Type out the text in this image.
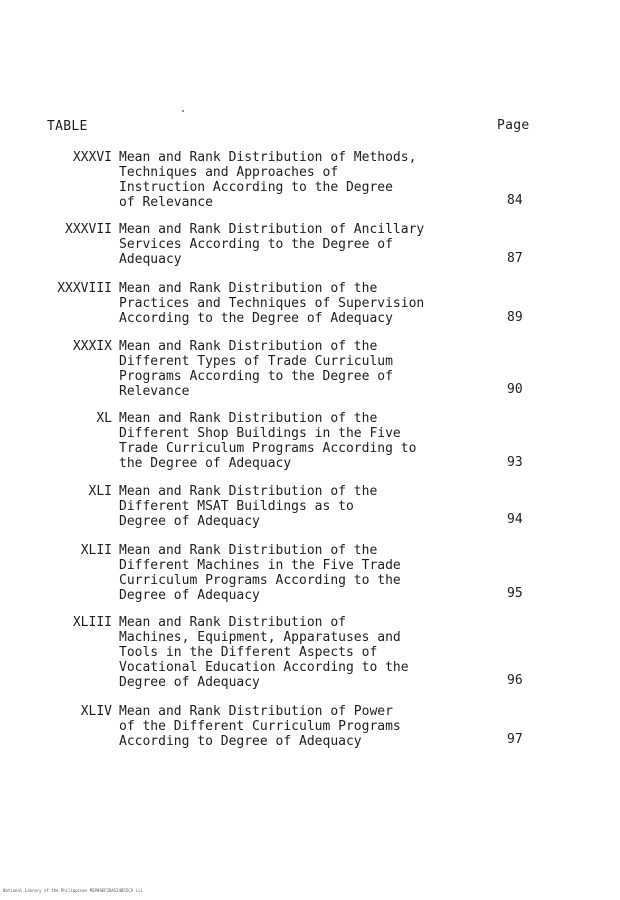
TABLE	Page
XXXVI Mean and Rank Distribution of Methods,
Techniques and Approaches of
Instruction According to the Degree
of Relevance	84
XXXVII Mean and Rank Distribution of Ancillary
Services According to the Degree of
Adequacy	87
XXXVIII Mean and Rank Distribution of the
Practices and Techniques of Supervision
According to the Degree of Adequacy	89
XXXIX Mean and Rank Distribution of the
Different Types of Trade Curriculum
Programs According to the Degree of
Relevance	90
XL Mean and Rank Distribution of the
Different Shop Buildings in the Five
Trade Curriculum Programs According to
the Degree of Adequacy	93
XLI Mean and Rank Distribution of the
Different MSAT Buildings as to
Degree of Adequacy	94
XLII Mean and Rank Distribution of the
Different Machines in the Five Trade
Curriculum Programs According to the
Degree of Adequacy	95
XLIII Mean and Rank Distribution of
Machines, Equipment, Apparatuses and
Tools in the Different Aspects of
Vocational Education According to the
Degree of Adequacy	96
XLIV Mean and Rank Distribution of Power
of the Different Curriculum Programs
According to Degree of Adequacy	97
National Library of the Philippines MSP89EF2DA524B55C9 iii
